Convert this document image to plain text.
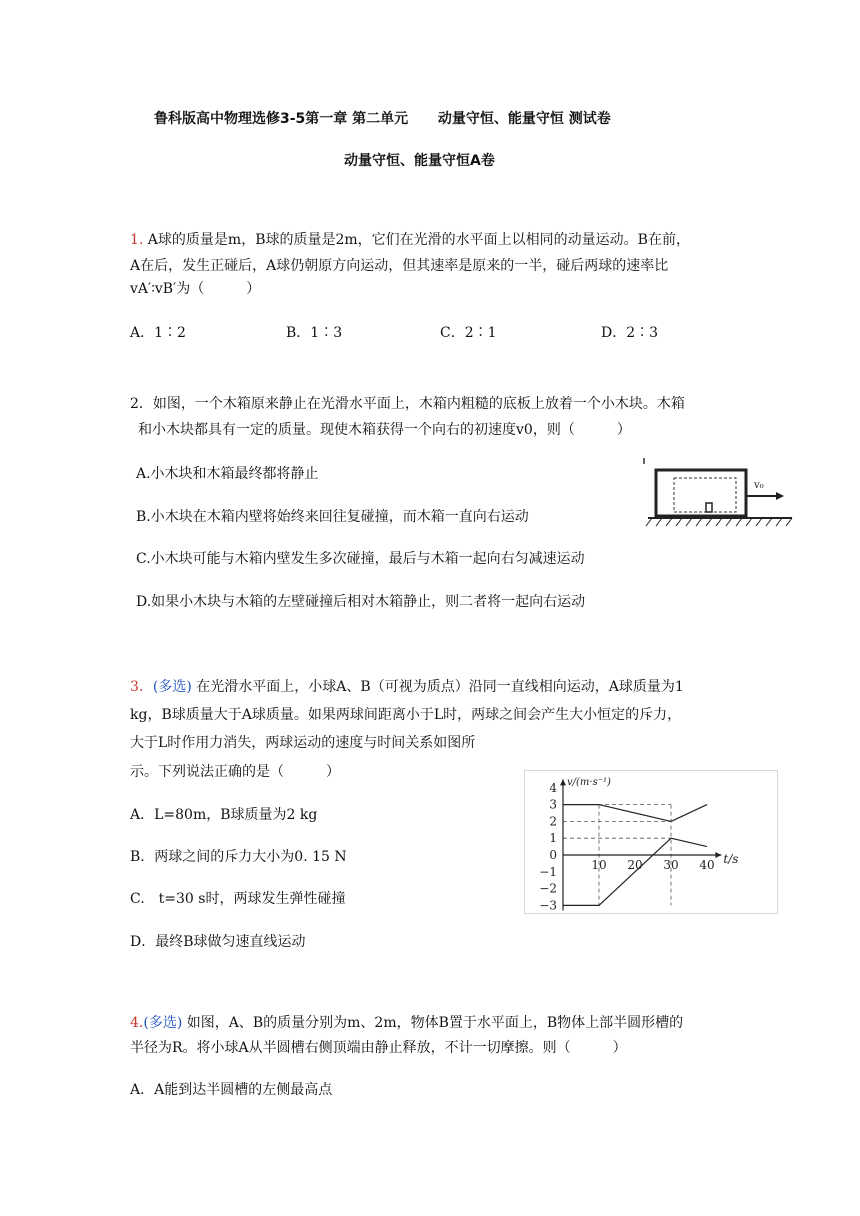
鲁科版高中物理选修3-5第一章 第二单元 动量守恒、能量守恒 测试卷
动量守恒、能量守恒A卷
1. A球的质量是m，B球的质量是2m，它们在光滑的水平面上以相同的动量运动。B在前，
A在后，发生正碰后，A球仍朝原方向运动，但其速率是原来的一半，碰后两球的速率比
vA′∶vB′为（　　　）
A．1∶2	B．1∶3	C．2∶1	D．2∶3
2．如图，一个木箱原来静止在光滑水平面上，木箱内粗糙的底板上放着一个小木块。木箱
和小木块都具有一定的质量。现使木箱获得一个向右的初速度v0，则（　　　）
A.小木块和木箱最终都将静止
B.小木块在木箱内壁将始终来回往复碰撞，而木箱一直向右运动
C.小木块可能与木箱内壁发生多次碰撞，最后与木箱一起向右匀减速运动
D.如果小木块与木箱的左壁碰撞后相对木箱静止，则二者将一起向右运动
v₀
3．(多选) 在光滑水平面上，小球A、B（可视为质点）沿同一直线相向运动，A球质量为1
kg，B球质量大于A球质量。如果两球间距离小于L时，两球之间会产生大小恒定的斥力，
大于L时作用力消失，两球运动的速度与时间关系如图所
示。下列说法正确的是（　　　）
A．L=80m，B球质量为2 kg
B．两球之间的斥力大小为0. 15 N
C.　t=30 s时，两球发生弹性碰撞
D．最终B球做匀速直线运动
4
3
2
1
0
−1
−2
−3
10 20 30 40
v/(m·s⁻¹)
t/s
4.(多选) 如图，A、B的质量分别为m、2m，物体B置于水平面上，B物体上部半圆形槽的
半径为R。将小球A从半圆槽右侧顶端由静止释放，不计一切摩擦。则（　　　）
A．A能到达半圆槽的左侧最高点
